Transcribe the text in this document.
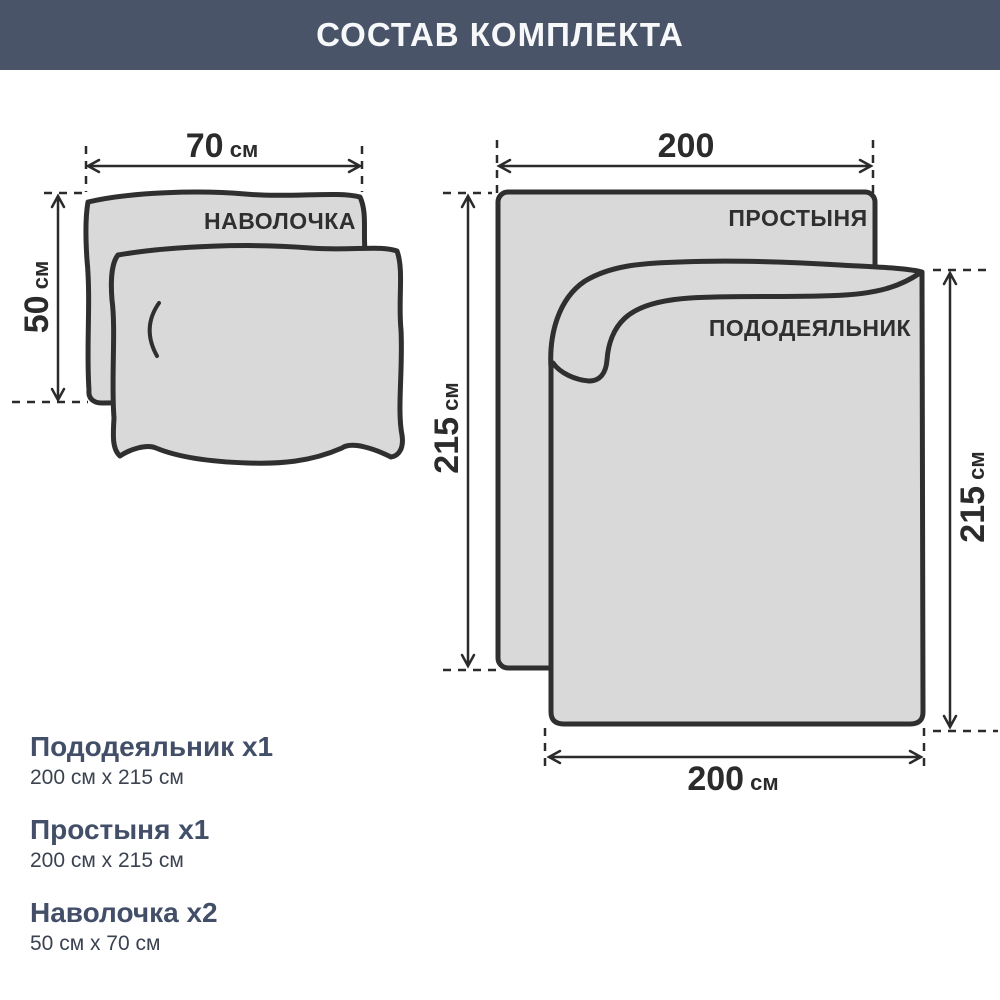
СОСТАВ КОМПЛЕКТА
НАВОЛОЧКА	ПРОСТЫНЯ
ПОДОДЕЯЛЬНИК
70 см
50 см
200
215 см
215 см
200 см
Пододеяльник x1
200 см x 215 см
Простыня x1
200 см x 215 см
Наволочка x2
50 см x 70 см
